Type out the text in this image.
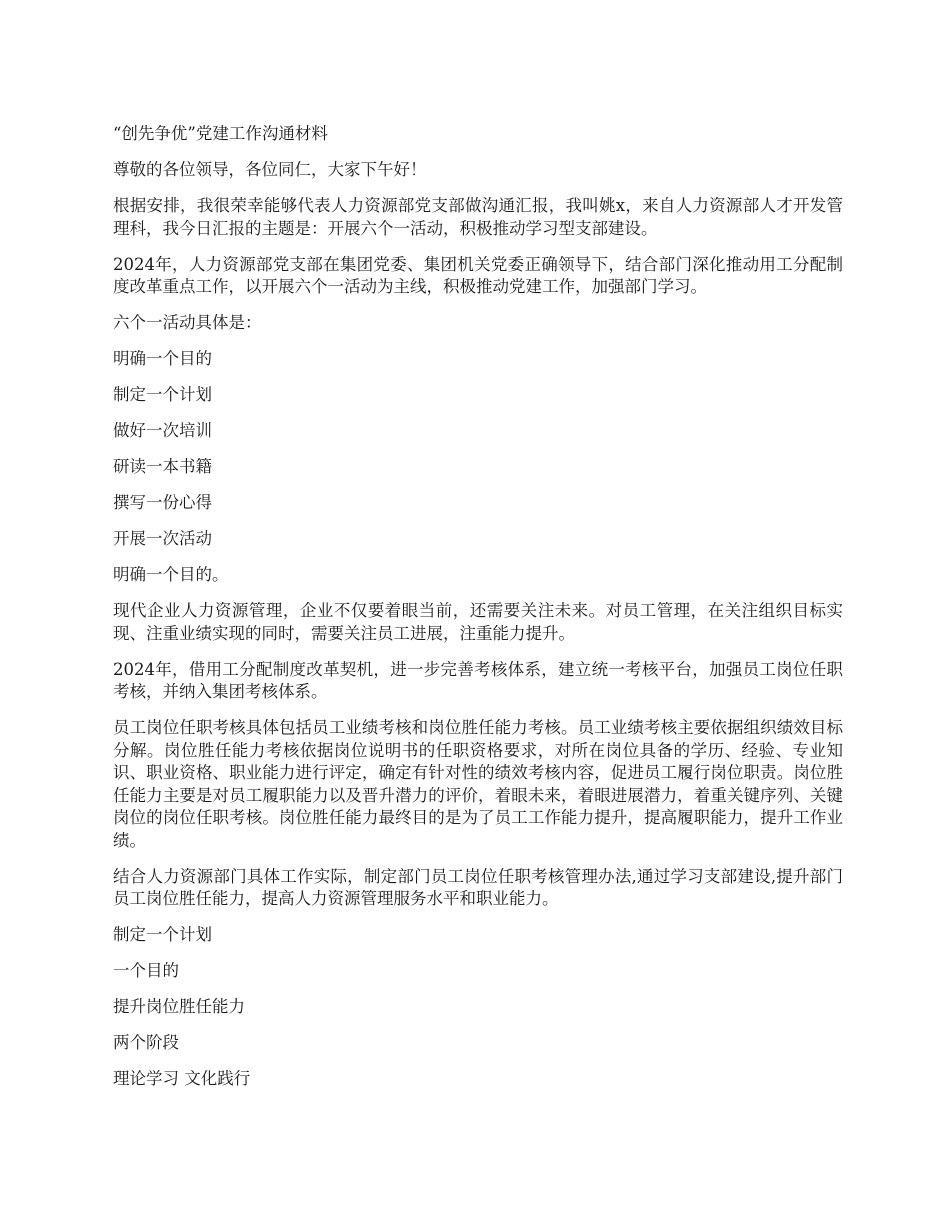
“创先争优”党建工作沟通材料

尊敬的各位领导，各位同仁，大家下午好！

根据安排，我很荣幸能够代表人力资源部党支部做沟通汇报，我叫姚x，来自人力资源部人才开发管理科，我今日汇报的主题是：开展六个一活动，积极推动学习型支部建设。

2024年，人力资源部党支部在集团党委、集团机关党委正确领导下，结合部门深化推动用工分配制度改革重点工作，以开展六个一活动为主线，积极推动党建工作，加强部门学习。

六个一活动具体是：

明确一个目的

制定一个计划

做好一次培训

研读一本书籍

撰写一份心得

开展一次活动

明确一个目的。

现代企业人力资源管理，企业不仅要着眼当前，还需要关注未来。对员工管理，在关注组织目标实现、注重业绩实现的同时，需要关注员工进展，注重能力提升。

2024年，借用工分配制度改革契机，进一步完善考核体系，建立统一考核平台，加强员工岗位任职考核，并纳入集团考核体系。

员工岗位任职考核具体包括员工业绩考核和岗位胜任能力考核。员工业绩考核主要依据组织绩效目标分解。岗位胜任能力考核依据岗位说明书的任职资格要求，对所在岗位具备的学历、经验、专业知识、职业资格、职业能力进行评定，确定有针对性的绩效考核内容，促进员工履行岗位职责。岗位胜任能力主要是对员工履职能力以及晋升潜力的评价，着眼未来，着眼进展潜力，着重关键序列、关键岗位的岗位任职考核。岗位胜任能力最终目的是为了员工工作能力提升，提高履职能力，提升工作业绩。

结合人力资源部门具体工作实际，制定部门员工岗位任职考核管理办法,通过学习支部建设,提升部门员工岗位胜任能力，提高人力资源管理服务水平和职业能力。

制定一个计划

一个目的

提升岗位胜任能力

两个阶段

理论学习 文化践行
